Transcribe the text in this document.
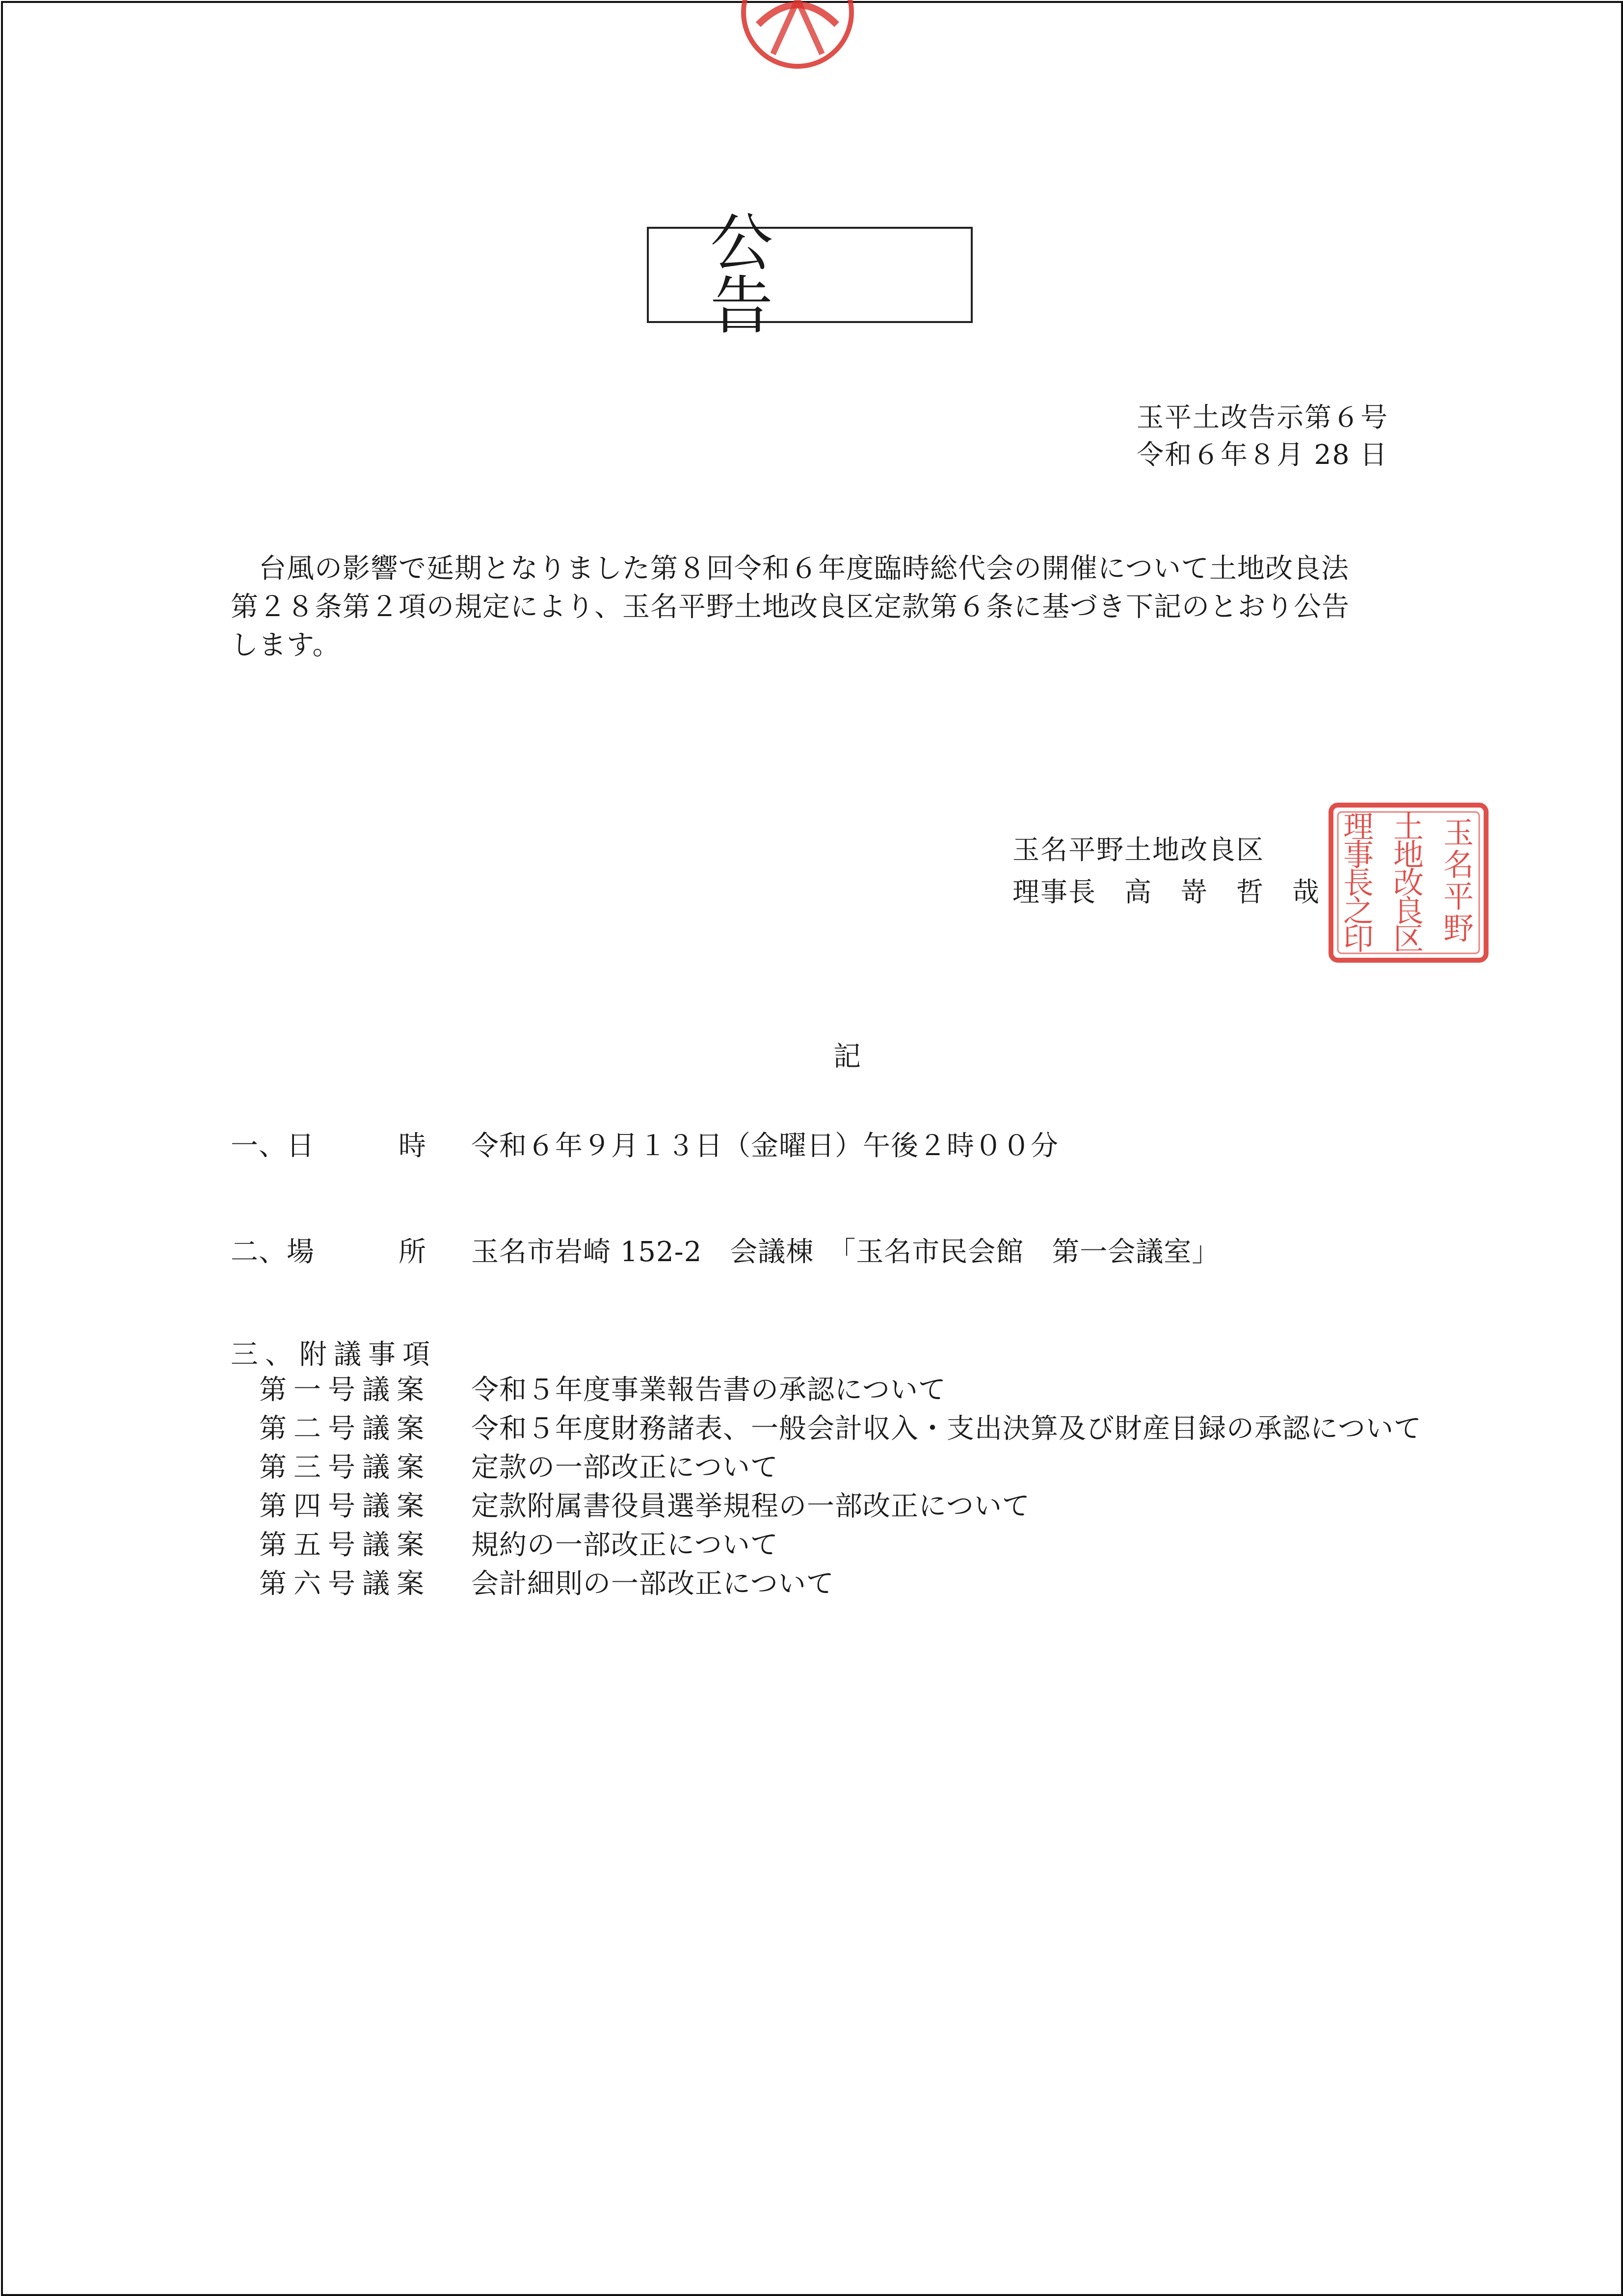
公　告
玉平土改告示第６号
令和６年８月 28 日
　台風の影響で延期となりました第８回令和６年度臨時総代会の開催について土地改良法
第２８条第２項の規定により、玉名平野土地改良区定款第６条に基づき下記のとおり公告
します。
玉名平野土地改良区
理事長　高　嵜　哲　哉
玉
名
平
野
土
地
改
良
区
理
事
長
之
印
記
一、日　　　時 令和６年９月１３日（金曜日）午後２時００分
二、場　　　所 玉名市岩崎 152-2　会議棟　「玉名市民会館　第一会議室」
三、附議事項
第一号議案 令和５年度事業報告書の承認について
第二号議案 令和５年度財務諸表、一般会計収入・支出決算及び財産目録の承認について
第三号議案 定款の一部改正について
第四号議案 定款附属書役員選挙規程の一部改正について
第五号議案 規約の一部改正について
第六号議案 会計細則の一部改正について
